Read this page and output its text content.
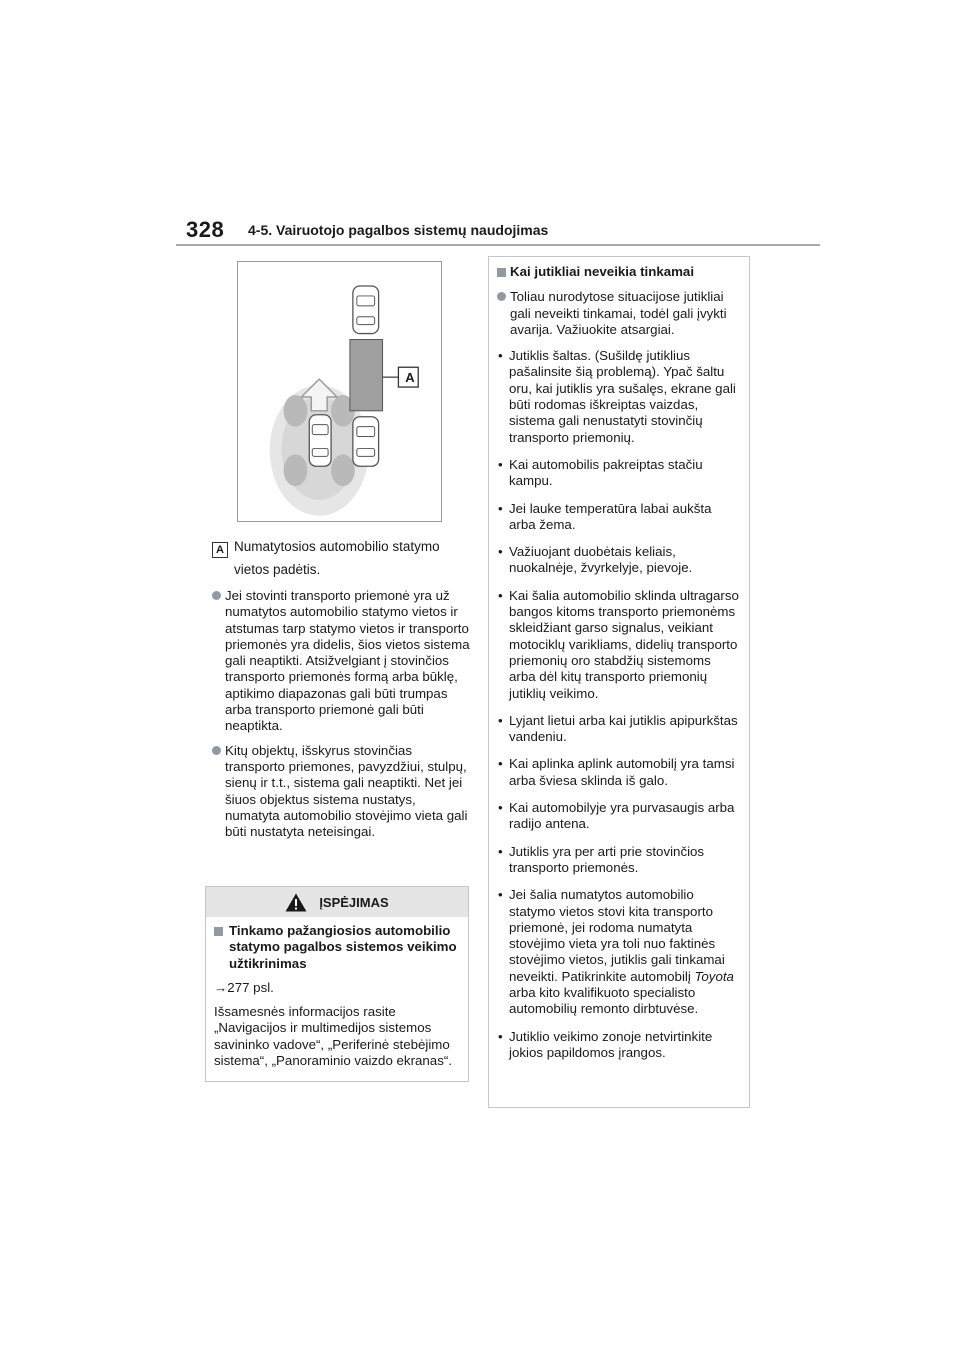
328 4-5. Vairuotojo pagalbos sistemų naudojimas
A
A Numatytosios automobilio statymo
vietos padėtis.
Jei stovinti transporto priemonė yra už numatytos automobilio statymo vietos ir atstumas tarp statymo vietos ir transporto priemonės yra didelis, šios vietos sistema gali neaptikti. Atsižvelgiant į stovinčios transporto priemonės formą arba būklę, aptikimo diapazonas gali būti trumpas arba transporto priemonė gali būti neaptikta.
Kitų objektų, išskyrus stovinčias transporto priemones, pavyzdžiui, stulpų, sienų ir t.t., sistema gali neaptikti. Net jei šiuos objektus sistema nustatys, numatyta automobilio stovėjimo vieta gali būti nustatyta neteisingai.
ĮSPĖJIMAS
Tinkamo pažangiosios automobilio statymo pagalbos sistemos veikimo užtikrinimas
→277 psl.
Išsamesnės informacijos rasite „Navigacijos ir multimedijos sistemos savininko vadove“, „Periferinė stebėjimo sistema“, „Panoraminio vaizdo ekranas“.
Kai jutikliai neveikia tinkamai
Toliau nurodytose situacijose jutikliai gali neveikti tinkamai, todėl gali įvykti avarija. Važiuokite atsargiai.
• Jutiklis šaltas. (Sušildę jutiklius pašalinsite šią problemą). Ypač šaltu oru, kai jutiklis yra sušalęs, ekrane gali būti rodomas iškreiptas vaizdas, sistema gali nenustatyti stovinčių transporto priemonių.
• Kai automobilis pakreiptas stačiu kampu.
• Jei lauke temperatūra labai aukšta arba žema.
• Važiuojant duobėtais keliais, nuokalnėje, žvyrkelyje, pievoje.
• Kai šalia automobilio sklinda ultragarso bangos kitoms transporto priemonėms skleidžiant garso signalus, veikiant motociklų varikliams, didelių transporto priemonių oro stabdžių sistemoms arba dėl kitų transporto priemonių jutiklių veikimo.
• Lyjant lietui arba kai jutiklis apipurkštas vandeniu.
• Kai aplinka aplink automobilį yra tamsi arba šviesa sklinda iš galo.
• Kai automobilyje yra purvasaugis arba radijo antena.
• Jutiklis yra per arti prie stovinčios transporto priemonės.
• Jei šalia numatytos automobilio statymo vietos stovi kita transporto priemonė, jei rodoma numatyta stovėjimo vieta yra toli nuo faktinės stovėjimo vietos, jutiklis gali tinkamai neveikti. Patikrinkite automobilį Toyota arba kito kvalifikuoto specialisto automobilių remonto dirbtuvėse.
• Jutiklio veikimo zonoje netvirtinkite jokios papildomos įrangos.
